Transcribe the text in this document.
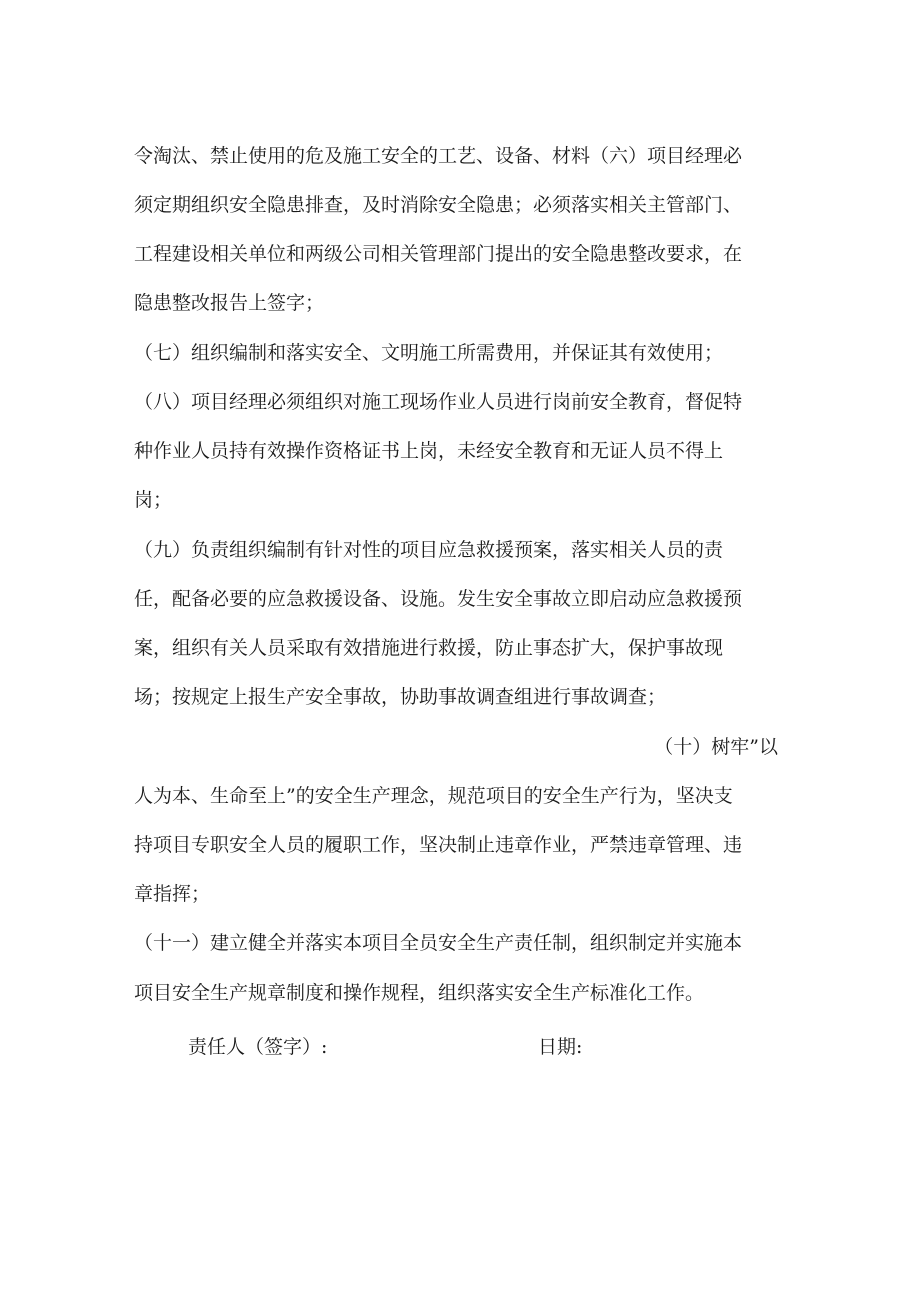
令淘汰、禁止使用的危及施工安全的工艺、设备、材料（六）项目经理必
须定期组织安全隐患排查，及时消除安全隐患；必须落实相关主管部门、
工程建设相关单位和两级公司相关管理部门提出的安全隐患整改要求，在
隐患整改报告上签字；
（七）组织编制和落实安全、文明施工所需费用，并保证其有效使用；
（八）项目经理必须组织对施工现场作业人员进行岗前安全教育，督促特
种作业人员持有效操作资格证书上岗，未经安全教育和无证人员不得上
岗；
（九）负责组织编制有针对性的项目应急救援预案，落实相关人员的责
任，配备必要的应急救援设备、设施。发生安全事故立即启动应急救援预
案，组织有关人员采取有效措施进行救援，防止事态扩大，保护事故现
场；按规定上报生产安全事故，协助事故调查组进行事故调查；
（十）树牢”以
人为本、生命至上”的安全生产理念，规范项目的安全生产行为，坚决支
持项目专职安全人员的履职工作，坚决制止违章作业，严禁违章管理、违
章指挥；
（十一）建立健全并落实本项目全员安全生产责任制，组织制定并实施本
项目安全生产规章制度和操作规程，组织落实安全生产标准化工作。
责任人（签字）:	日期:
